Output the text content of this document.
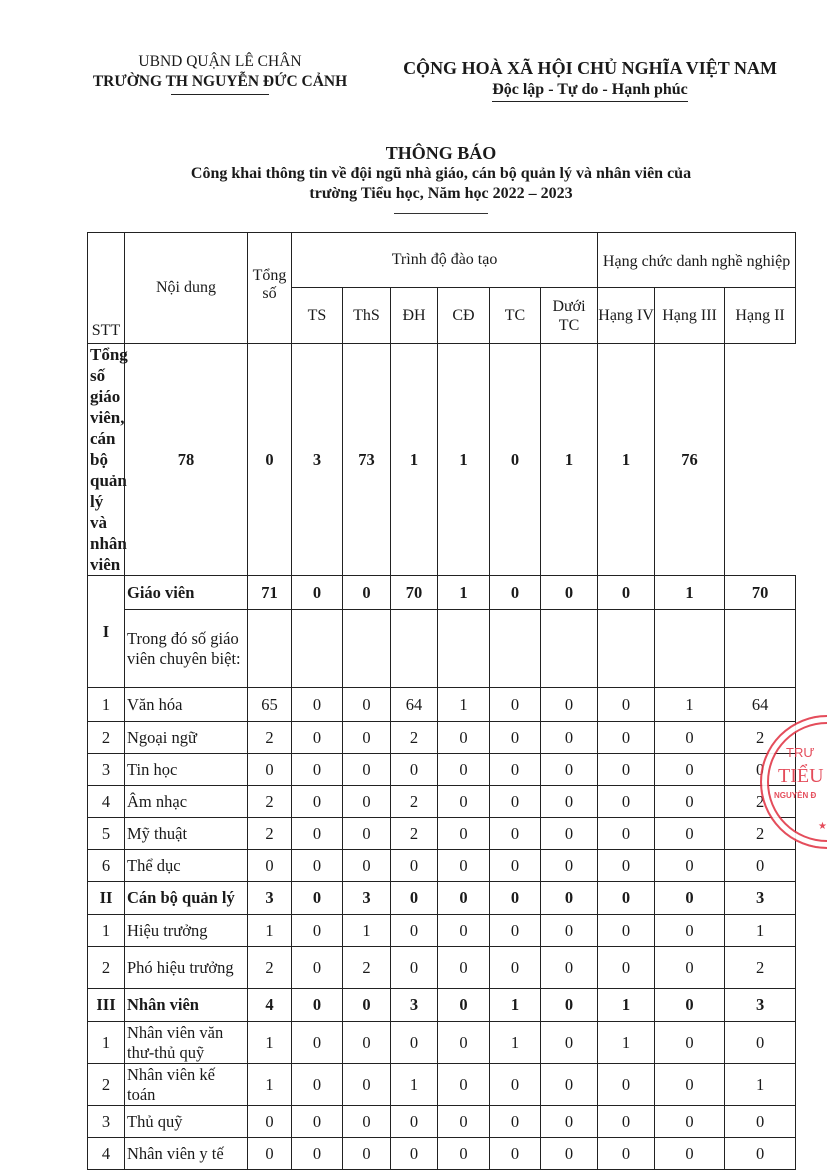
UBND QUẬN LÊ CHÂN
TRƯỜNG TH NGUYỄN ĐỨC CẢNH
CỘNG HOÀ XÃ HỘI CHỦ NGHĨA VIỆT NAM
Độc lập - Tự do - Hạnh phúc
THÔNG BÁO
Công khai thông tin về đội ngũ nhà giáo, cán bộ quản lý và nhân viên của
trường Tiểu học, Năm học 2022 – 2023
STT	Nội dung	Tổng số	Trình độ đào tạo						Hạng chức danh nghề nghiệp		
			TS	ThS	ĐH	CĐ	TC	Dưới TC	Hạng IV	Hạng III	Hạng II
Tổng số giáo viên, cán bộ quản lý và nhân viên	78	0	3	73	1	1	0	1	1	76	
I	Giáo viên	71	0	0	70	1	0	0	0	1	70
	Trong đó số giáo viên chuyên biệt:										
1	Văn hóa	65	0	0	64	1	0	0	0	1	64
2	Ngoại ngữ	2	0	0	2	0	0	0	0	0	2
3	Tin học	0	0	0	0	0	0	0	0	0	0
4	Âm nhạc	2	0	0	2	0	0	0	0	0	2
5	Mỹ thuật	2	0	0	2	0	0	0	0	0	2
6	Thể dục	0	0	0	0	0	0	0	0	0	0
II	Cán bộ quản lý	3	0	3	0	0	0	0	0	0	3
1	Hiệu trưởng	1	0	1	0	0	0	0	0	0	1
2	Phó hiệu trưởng	2	0	2	0	0	0	0	0	0	2
III	Nhân viên	4	0	0	3	0	1	0	1	0	3
1	Nhân viên văn thư-thủ quỹ	1	0	0	0	0	1	0	1	0	0
2	Nhân viên kế toán	1	0	0	1	0	0	0	0	0	1
3	Thủ quỹ	0	0	0	0	0	0	0	0	0	0
4	Nhân viên y tế	0	0	0	0	0	0	0	0	0	0
TRƯ
TIỂU
NGUYỄN Đ
★
